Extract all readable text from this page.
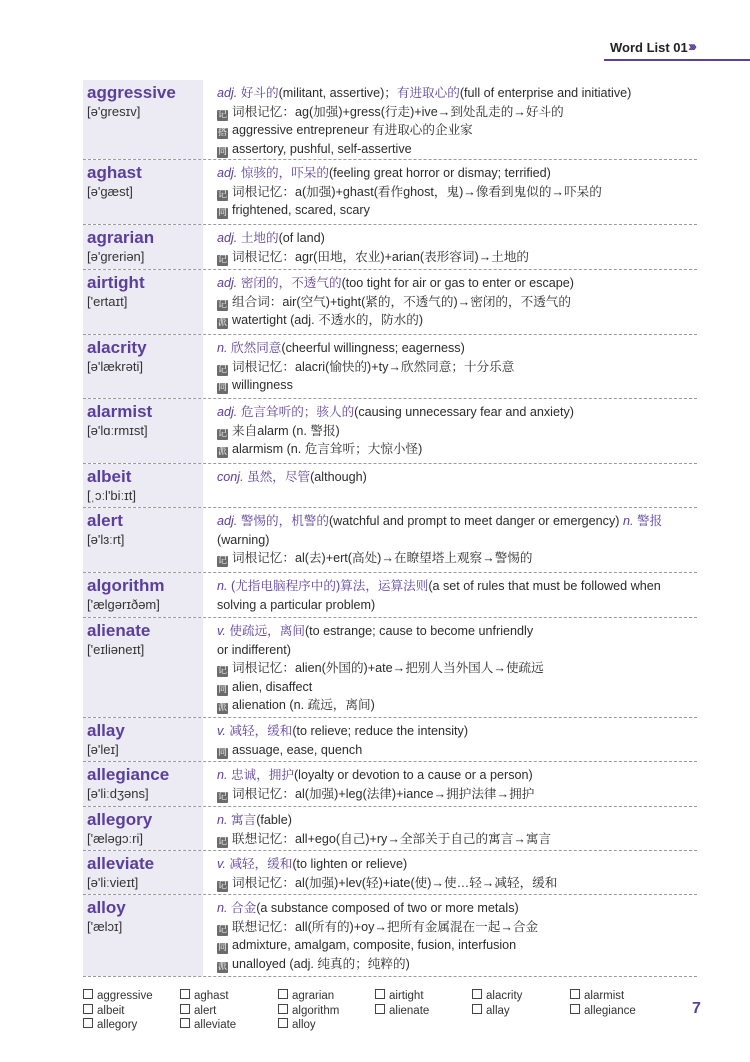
Word List 01 ›››
aggressive
[ə'gresɪv]
adj. 好斗的(militant, assertive)；有进取心的(full of enterprise and initiative)
记 词根记忆：ag(加强)+gress(行走)+ive→到处乱走的→好斗的
搭 aggressive entrepreneur 有进取心的企业家
同 assertory, pushful, self-assertive
aghast
[ə'gæst]
adj. 惊骇的，吓呆的(feeling great horror or dismay; terrified)
记 词根记忆：a(加强)+ghast(看作ghost，鬼)→像看到鬼似的→吓呆的
同 frightened, scared, scary
agrarian
[ə'greriən]
adj. 土地的(of land)
记 词根记忆：agr(田地，农业)+arian(表形容词)→土地的
airtight
['ertaɪt]
adj. 密闭的，不透气的(too tight for air or gas to enter or escape)
记 组合词：air(空气)+tight(紧的，不透气的)→密闭的，不透气的
派 watertight (adj. 不透水的，防水的)
alacrity
[ə'lækrəti]
n. 欣然同意(cheerful willingness; eagerness)
记 词根记忆：alacri(愉快的)+ty→欣然同意；十分乐意
同 willingness
alarmist
[ə'lɑːrmɪst]
adj. 危言耸听的；骇人的(causing unnecessary fear and anxiety)
记 来自alarm (n. 警报)
派 alarmism (n. 危言耸听；大惊小怪)
albeit
[ˌɔːl'biːɪt]
conj. 虽然，尽管(although)
alert
[ə'lɜːrt]
adj. 警惕的，机警的(watchful and prompt to meet danger or emergency) n. 警报(warning)
记 词根记忆：al(去)+ert(高处)→在瞭望塔上观察→警惕的
algorithm
['ælgərɪðəm]
n. (尤指电脑程序中的)算法，运算法则(a set of rules that must be followed when solving a particular problem)
alienate
['eɪliəneɪt]
v. 使疏远，离间(to estrange; cause to become unfriendly or indifferent)
记 词根记忆：alien(外国的)+ate→把别人当外国人→使疏远
同 alien, disaffect
派 alienation (n. 疏远，离间)
allay
[ə'leɪ]
v. 减轻，缓和(to relieve; reduce the intensity)
同 assuage, ease, quench
allegiance
[ə'liːdʒəns]
n. 忠诚，拥护(loyalty or devotion to a cause or a person)
记 词根记忆：al(加强)+leg(法律)+iance→拥护法律→拥护
allegory
['æləgɔːri]
n. 寓言(fable)
记 联想记忆：all+ego(自己)+ry→全部关于自己的寓言→寓言
alleviate
[ə'liːvieɪt]
v. 减轻，缓和(to lighten or relieve)
记 词根记忆：al(加强)+lev(轻)+iate(使)→使…轻→减轻，缓和
alloy
['ælɔɪ]
n. 合金(a substance composed of two or more metals)
记 联想记忆：all(所有的)+oy→把所有金属混在一起→合金
同 admixture, amalgam, composite, fusion, interfusion
派 unalloyed (adj. 纯真的；纯粹的)
aggressive	aghast	agrarian	airtight	alacrity	alarmist
albeit	alert	algorithm	alienate	allay	allegiance
allegory	alleviate	alloy
7
